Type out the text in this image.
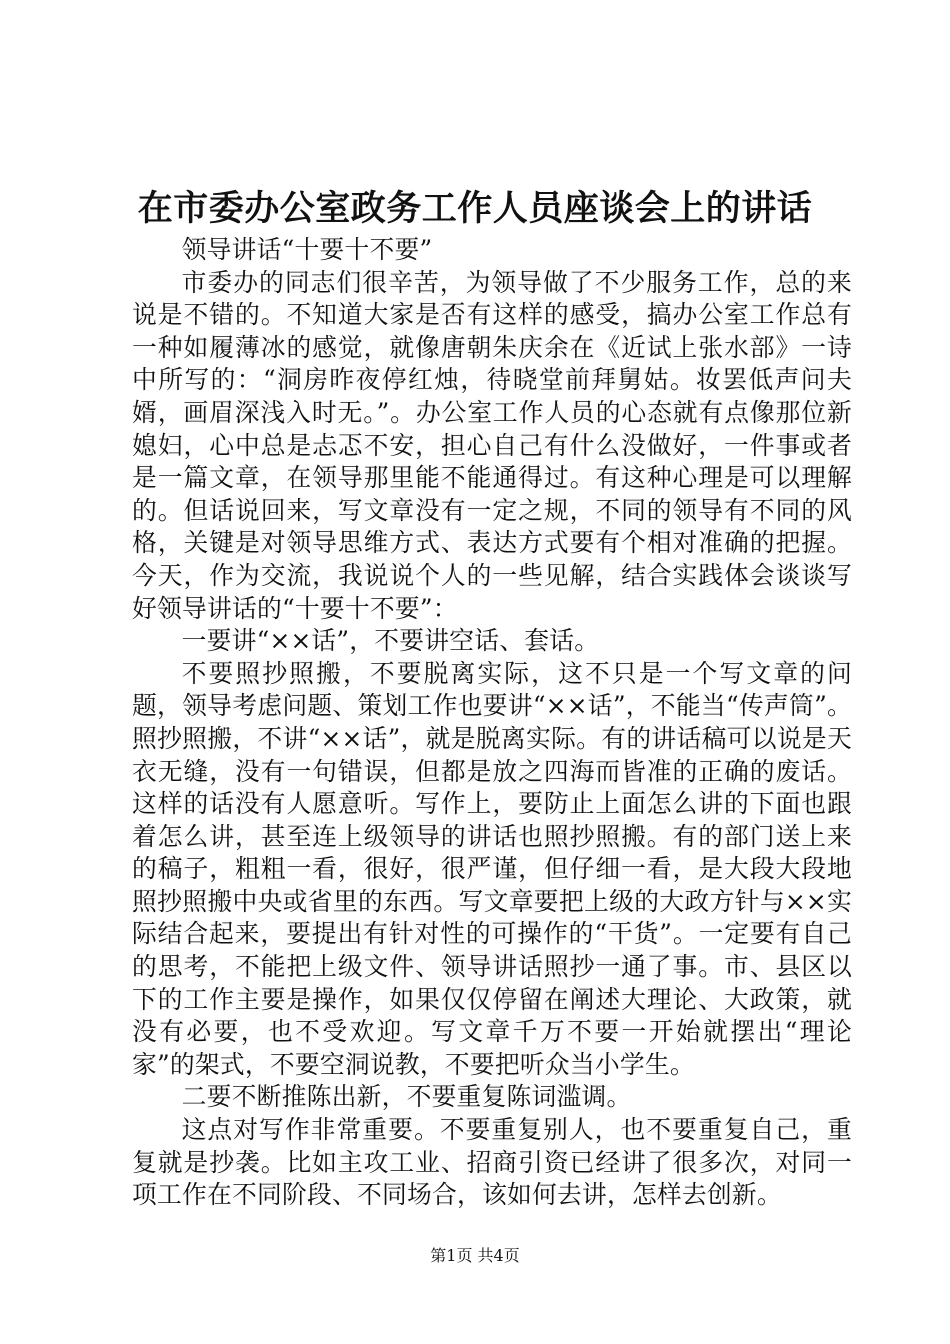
在市委办公室政务工作人员座谈会上的讲话

领导讲话“十要十不要”

市委办的同志们很辛苦，为领导做了不少服务工作，总的来说是不错的。不知道大家是否有这样的感受，搞办公室工作总有一种如履薄冰的感觉，就像唐朝朱庆余在《近试上张水部》一诗中所写的：“洞房昨夜停红烛，待晓堂前拜舅姑。妆罢低声问夫婿，画眉深浅入时无。”。办公室工作人员的心态就有点像那位新媳妇，心中总是忐忑不安，担心自己有什么没做好，一件事或者是一篇文章，在领导那里能不能通得过。有这种心理是可以理解的。但话说回来，写文章没有一定之规，不同的领导有不同的风格，关键是对领导思维方式、表达方式要有个相对准确的把握。今天，作为交流，我说说个人的一些见解，结合实践体会谈谈写好领导讲话的“十要十不要”：

一要讲“××话”，不要讲空话、套话。

不要照抄照搬，不要脱离实际，这不只是一个写文章的问题，领导考虑问题、策划工作也要讲“××话”，不能当“传声筒”。照抄照搬，不讲“××话”，就是脱离实际。有的讲话稿可以说是天衣无缝，没有一句错误，但都是放之四海而皆准的正确的废话。这样的话没有人愿意听。写作上，要防止上面怎么讲的下面也跟着怎么讲，甚至连上级领导的讲话也照抄照搬。有的部门送上来的稿子，粗粗一看，很好，很严谨，但仔细一看，是大段大段地照抄照搬中央或省里的东西。写文章要把上级的大政方针与××实际结合起来，要提出有针对性的可操作的“干货”。一定要有自己的思考，不能把上级文件、领导讲话照抄一通了事。市、县区以下的工作主要是操作，如果仅仅停留在阐述大理论、大政策，就没有必要，也不受欢迎。写文章千万不要一开始就摆出“理论家”的架式，不要空洞说教，不要把听众当小学生。

二要不断推陈出新，不要重复陈词滥调。

这点对写作非常重要。不要重复别人，也不要重复自己，重复就是抄袭。比如主攻工业、招商引资已经讲了很多次，对同一项工作在不同阶段、不同场合，该如何去讲，怎样去创新。

第1页 共4页
